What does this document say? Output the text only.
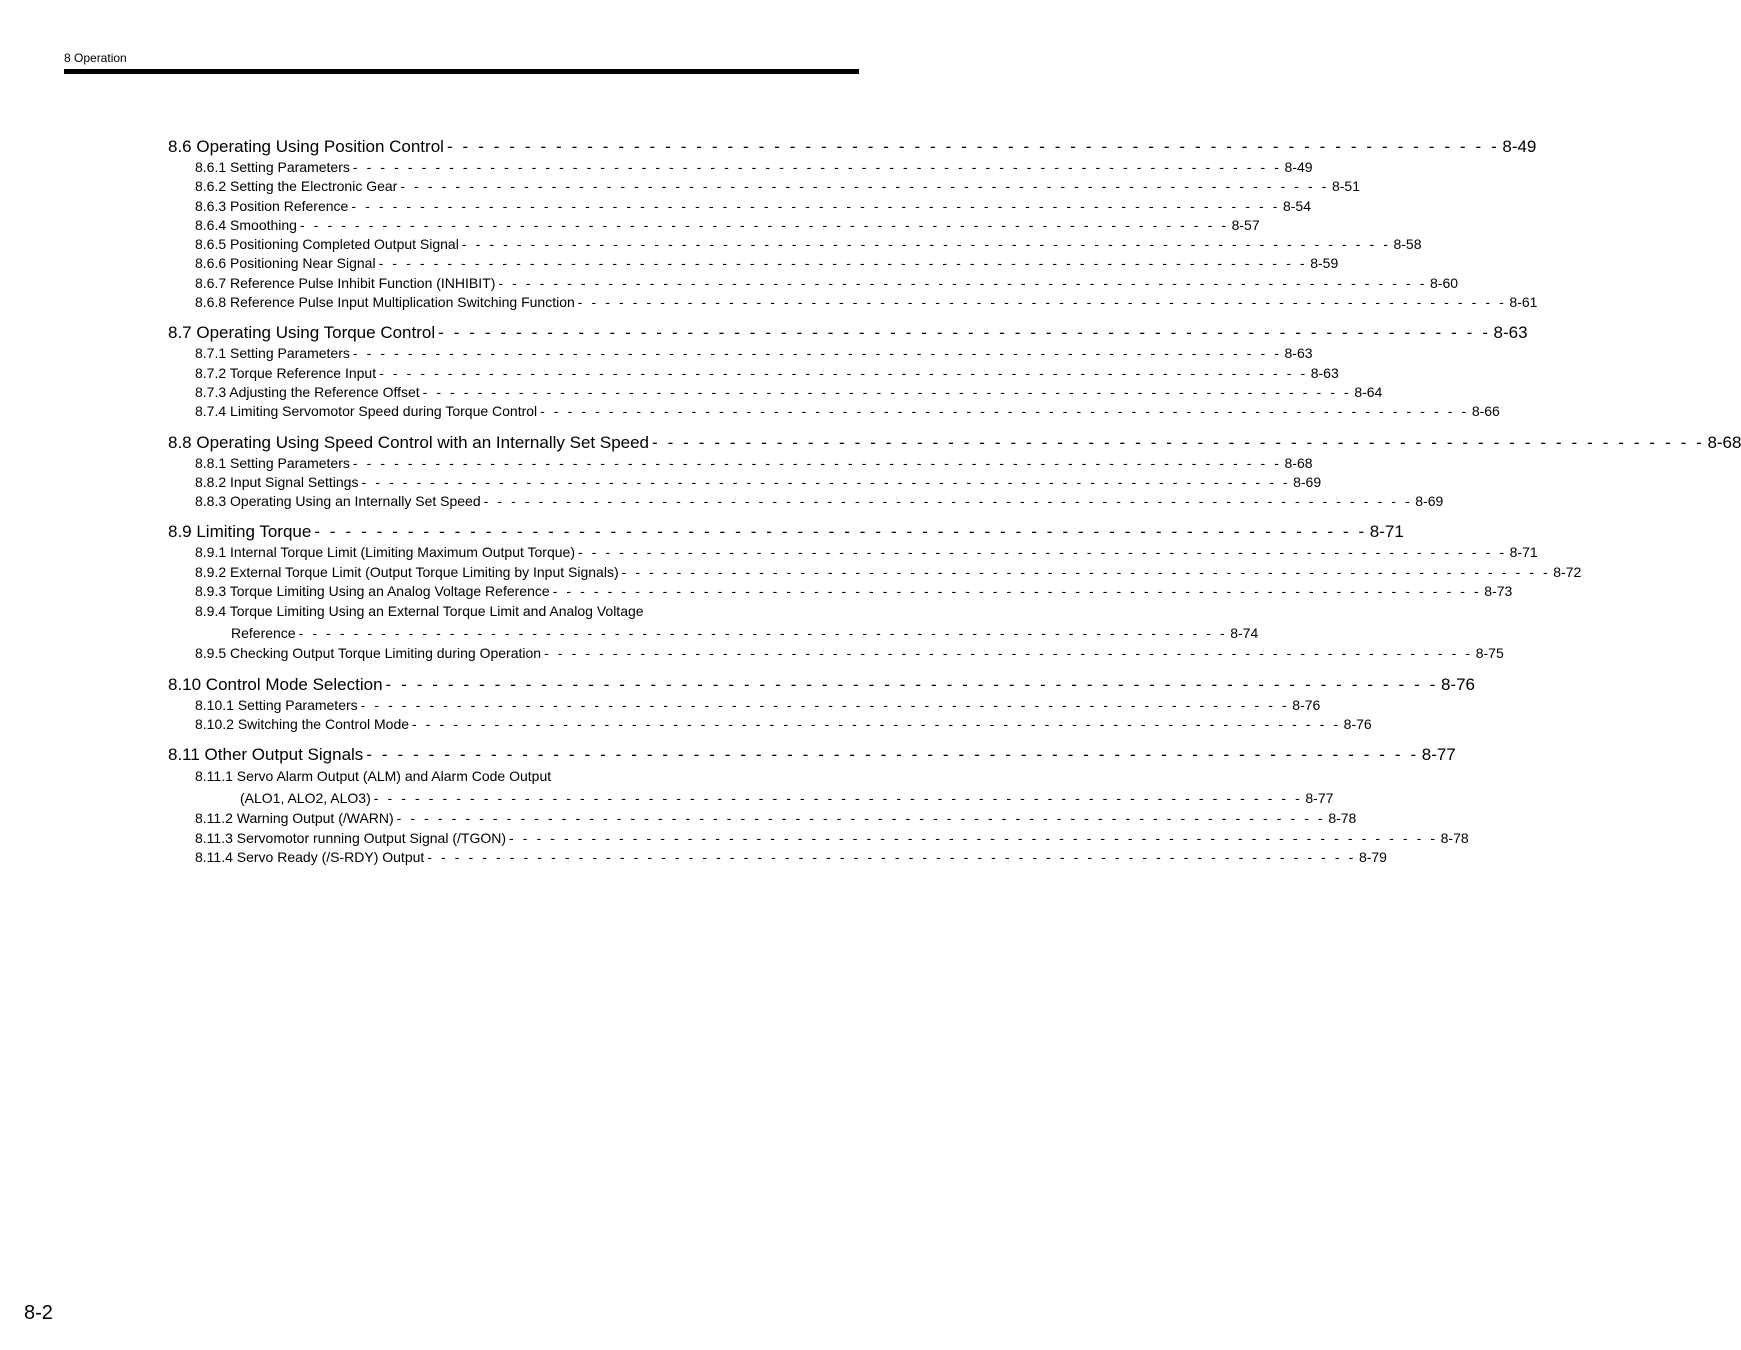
8 Operation
8.6 Operating Using Position Control - - - - - - - - - - - - - - - - - - - - - - - - - - - - - - - - - - - - - - - - - - - - - - - - - - - - - - - - - - - - - - - - - - - - 8-49
8.6.1 Setting Parameters - - - - - - - - - - - - - - - - - - - - - - - - - - - - - - - - - - - - - - - - - - - - - - - - - - - - - - - - - - - - - - - - - - - - 8-49
8.6.2 Setting the Electronic Gear - - - - - - - - - - - - - - - - - - - - - - - - - - - - - - - - - - - - - - - - - - - - - - - - - - - - - - - - - - - - - - - - - - - - 8-51
8.6.3 Position Reference - - - - - - - - - - - - - - - - - - - - - - - - - - - - - - - - - - - - - - - - - - - - - - - - - - - - - - - - - - - - - - - - - - - - 8-54
8.6.4 Smoothing - - - - - - - - - - - - - - - - - - - - - - - - - - - - - - - - - - - - - - - - - - - - - - - - - - - - - - - - - - - - - - - - - - - - 8-57
8.6.5 Positioning Completed Output Signal - - - - - - - - - - - - - - - - - - - - - - - - - - - - - - - - - - - - - - - - - - - - - - - - - - - - - - - - - - - - - - - - - - - - 8-58
8.6.6 Positioning Near Signal - - - - - - - - - - - - - - - - - - - - - - - - - - - - - - - - - - - - - - - - - - - - - - - - - - - - - - - - - - - - - - - - - - - - 8-59
8.6.7 Reference Pulse Inhibit Function (INHIBIT) - - - - - - - - - - - - - - - - - - - - - - - - - - - - - - - - - - - - - - - - - - - - - - - - - - - - - - - - - - - - - - - - - - - - 8-60
8.6.8 Reference Pulse Input Multiplication Switching Function - - - - - - - - - - - - - - - - - - - - - - - - - - - - - - - - - - - - - - - - - - - - - - - - - - - - - - - - - - - - - - - - - - - - 8-61
8.7 Operating Using Torque Control - - - - - - - - - - - - - - - - - - - - - - - - - - - - - - - - - - - - - - - - - - - - - - - - - - - - - - - - - - - - - - - - - - - - 8-63
8.7.1 Setting Parameters - - - - - - - - - - - - - - - - - - - - - - - - - - - - - - - - - - - - - - - - - - - - - - - - - - - - - - - - - - - - - - - - - - - - 8-63
8.7.2 Torque Reference Input - - - - - - - - - - - - - - - - - - - - - - - - - - - - - - - - - - - - - - - - - - - - - - - - - - - - - - - - - - - - - - - - - - - - 8-63
8.7.3 Adjusting the Reference Offset - - - - - - - - - - - - - - - - - - - - - - - - - - - - - - - - - - - - - - - - - - - - - - - - - - - - - - - - - - - - - - - - - - - - 8-64
8.7.4 Limiting Servomotor Speed during Torque Control - - - - - - - - - - - - - - - - - - - - - - - - - - - - - - - - - - - - - - - - - - - - - - - - - - - - - - - - - - - - - - - - - - - - 8-66
8.8 Operating Using Speed Control with an Internally Set Speed - - - - - - - - - - - - - - - - - - - - - - - - - - - - - - - - - - - - - - - - - - - - - - - - - - - - - - - - - - - - - - - - - - - - 8-68
8.8.1 Setting Parameters - - - - - - - - - - - - - - - - - - - - - - - - - - - - - - - - - - - - - - - - - - - - - - - - - - - - - - - - - - - - - - - - - - - - 8-68
8.8.2 Input Signal Settings - - - - - - - - - - - - - - - - - - - - - - - - - - - - - - - - - - - - - - - - - - - - - - - - - - - - - - - - - - - - - - - - - - - - 8-69
8.8.3 Operating Using an Internally Set Speed - - - - - - - - - - - - - - - - - - - - - - - - - - - - - - - - - - - - - - - - - - - - - - - - - - - - - - - - - - - - - - - - - - - - 8-69
8.9 Limiting Torque - - - - - - - - - - - - - - - - - - - - - - - - - - - - - - - - - - - - - - - - - - - - - - - - - - - - - - - - - - - - - - - - - - - - 8-71
8.9.1 Internal Torque Limit (Limiting Maximum Output Torque) - - - - - - - - - - - - - - - - - - - - - - - - - - - - - - - - - - - - - - - - - - - - - - - - - - - - - - - - - - - - - - - - - - - - 8-71
8.9.2 External Torque Limit (Output Torque Limiting by Input Signals) - - - - - - - - - - - - - - - - - - - - - - - - - - - - - - - - - - - - - - - - - - - - - - - - - - - - - - - - - - - - - - - - - - - - 8-72
8.9.3 Torque Limiting Using an Analog Voltage Reference - - - - - - - - - - - - - - - - - - - - - - - - - - - - - - - - - - - - - - - - - - - - - - - - - - - - - - - - - - - - - - - - - - - - 8-73
8.9.4 Torque Limiting Using an External Torque Limit and Analog Voltage
Reference - - - - - - - - - - - - - - - - - - - - - - - - - - - - - - - - - - - - - - - - - - - - - - - - - - - - - - - - - - - - - - - - - - - - 8-74
8.9.5 Checking Output Torque Limiting during Operation - - - - - - - - - - - - - - - - - - - - - - - - - - - - - - - - - - - - - - - - - - - - - - - - - - - - - - - - - - - - - - - - - - - - 8-75
8.10 Control Mode Selection - - - - - - - - - - - - - - - - - - - - - - - - - - - - - - - - - - - - - - - - - - - - - - - - - - - - - - - - - - - - - - - - - - - - 8-76
8.10.1 Setting Parameters - - - - - - - - - - - - - - - - - - - - - - - - - - - - - - - - - - - - - - - - - - - - - - - - - - - - - - - - - - - - - - - - - - - - 8-76
8.10.2 Switching the Control Mode - - - - - - - - - - - - - - - - - - - - - - - - - - - - - - - - - - - - - - - - - - - - - - - - - - - - - - - - - - - - - - - - - - - - 8-76
8.11 Other Output Signals - - - - - - - - - - - - - - - - - - - - - - - - - - - - - - - - - - - - - - - - - - - - - - - - - - - - - - - - - - - - - - - - - - - - 8-77
8.11.1 Servo Alarm Output (ALM) and Alarm Code Output
(ALO1, ALO2, ALO3) - - - - - - - - - - - - - - - - - - - - - - - - - - - - - - - - - - - - - - - - - - - - - - - - - - - - - - - - - - - - - - - - - - - - 8-77
8.11.2 Warning Output (/WARN) - - - - - - - - - - - - - - - - - - - - - - - - - - - - - - - - - - - - - - - - - - - - - - - - - - - - - - - - - - - - - - - - - - - - 8-78
8.11.3 Servomotor running Output Signal (/TGON) - - - - - - - - - - - - - - - - - - - - - - - - - - - - - - - - - - - - - - - - - - - - - - - - - - - - - - - - - - - - - - - - - - - - 8-78
8.11.4 Servo Ready (/S-RDY) Output - - - - - - - - - - - - - - - - - - - - - - - - - - - - - - - - - - - - - - - - - - - - - - - - - - - - - - - - - - - - - - - - - - - - 8-79
8-2
